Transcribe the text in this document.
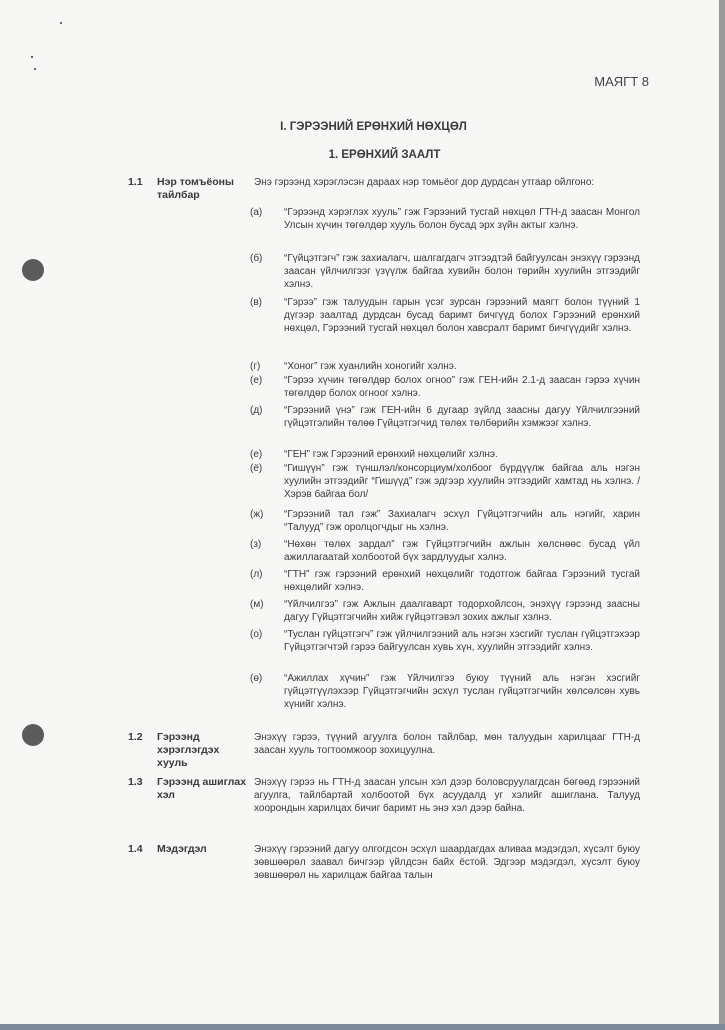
МАЯГТ 8
I. ГЭРЭЭНИЙ ЕРӨНХИЙ НӨХЦӨЛ
1. ЕРӨНХИЙ ЗААЛТ
1.1 Нэр томъёоны тайлбар
Энэ гэрээнд хэрэглэсэн дараах нэр томьёог дор дурдсан утгаар ойлгоно:
(а)	“Гэрээнд хэрэглэх хууль” гэж Гэрээний тусгай нөхцөл ГТН-д заасан Монгол Улсын хүчин төгөлдөр хууль болон бусад эрх зүйн актыг хэлнэ.
(б)	“Гүйцэтгэгч” гэж захиалагч, шалгагдагч этгээдтэй байгуулсан энэхүү гэрээнд заасан үйлчилгээг үзүүлж байгаа хувийн болон төрийн хуулийн этгээдийг хэлнэ.
(в)	“Гэрээ” гэж талуудын гарын үсэг зурсан гэрээний маягт болон түүний 1 дүгээр заалтад дурдсан бусад баримт бичгүүд болох Гэрээний ерөнхий нөхцөл, Гэрээний тусгай нөхцөл болон хавсралт баримт бичгүүдийг хэлнэ.
(г)	“Хоног” гэж хуанлийн хоногийг хэлнэ.
(е)	“Гэрээ хүчин төгөлдөр болох огноо” гэж ГЕН-ийн 2.1-д заасан гэрээ хүчин төгөлдөр болох огноог хэлнэ.
(д)	“Гэрээний үнэ” гэж ГЕН-ийн 6 дугаар зүйлд заасны дагуу Үйлчилгээний гүйцэтгэлийн төлөө Гүйцэтгэгчид төлөх төлбөрийн хэмжээг хэлнэ.
(е)	“ГЕН” гэж Гэрээний ерөнхий нөхцөлийг хэлнэ.
(ё)	“Гишүүн” гэж түншлэл/консорциум/холбоог бүрдүүлж байгаа аль нэгэн хуулийн этгээдийг “Гишүүд” гэж эдгээр хуулийн этгээдийг хамтад нь хэлнэ. /Хэрэв байгаа бол/
(ж)	“Гэрээний тал гэж” Захиалагч эсхүл Гүйцэтгэгчийн аль нэгийг, харин “Талууд” гэж оролцогчдыг нь хэлнэ.
(з)	“Нөхөн төлөх зардал” гэж Гүйцэтгэгчийн ажлын хөлснөөс бусад үйл ажиллагаатай холбоотой бүх зардлуудыг хэлнэ.
(л)	“ГТН” гэж гэрээний ерөнхий нөхцөлийг тодотгож байгаа Гэрээний тусгай нөхцөлийг хэлнэ.
(м)	“Үйлчилгээ” гэж Ажлын даалгаварт тодорхойлсон, энэхүү гэрээнд заасны дагуу Гүйцэтгэгчийн хийж гүйцэтгэвэл зохих ажлыг хэлнэ.
(о)	“Туслан гүйцэтгэгч” гэж үйлчилгээний аль нэгэн хэсгийг туслан гүйцэтгэхээр Гүйцэтгэгчтэй гэрээ байгуулсан хувь хүн, хуулийн этгээдийг хэлнэ.
(ө)	“Ажиллах хүчин” гэж Үйлчилгээ буюу түүний аль нэгэн хэсгийг гүйцэтгүүлэхээр Гүйцэтгэгчийн эсхүл туслан гүйцэтгэгчийн хөлсөлсөн хувь хүнийг хэлнэ.
1.2 Гэрээнд хэрэглэгдэх хууль
Энэхүү гэрээ, түүний агуулга болон тайлбар, мөн талуудын харилцааг ГТН-д заасан хууль тогтоомжоор зохицуулна.
1.3 Гэрээнд ашиглах хэл
Энэхүү гэрээ нь ГТН-д заасан улсын хэл дээр боловсруулагдсан бөгөөд гэрээний агуулга, тайлбартай холбоотой бүх асуудалд уг хэлийг ашиглана. Талууд хоорондын харилцах бичиг баримт нь энэ хэл дээр байна.
1.4 Мэдэгдэл	Энэхүү гэрээний дагуу олгогдсон эсхүл шаардагдах аливаа мэдэгдэл, хүсэлт буюу зөвшөөрөл заавал бичгээр үйлдсэн байх ёстой. Эдгээр мэдэгдэл, хүсэлт буюу зөвшөөрөл нь харилцаж байгаа талын
